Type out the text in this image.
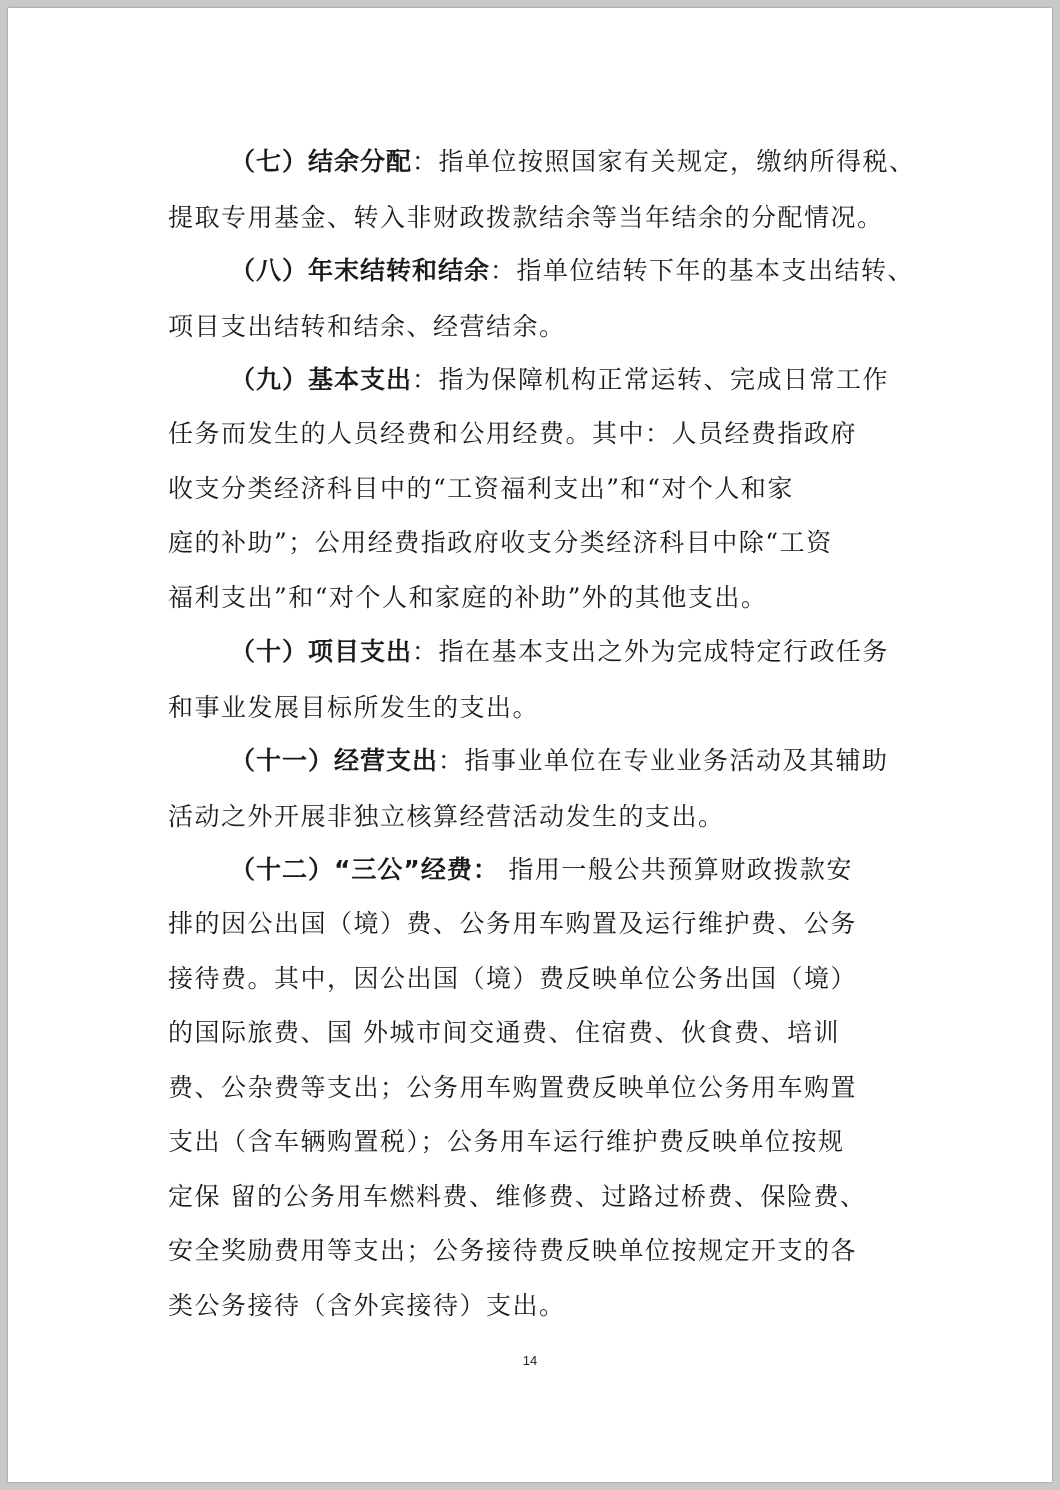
（七）结余分配：指单位按照国家有关规定，缴纳所得税、
提取专用基金、转入非财政拨款结余等当年结余的分配情况。
（八）年末结转和结余：指单位结转下年的基本支出结转、
项目支出结转和结余、经营结余。
（九）基本支出：指为保障机构正常运转、完成日常工作
任务而发生的人员经费和公用经费。其中：人员经费指政府
收支分类经济科目中的“工资福利支出”和“对个人和家
庭的补助”；公用经费指政府收支分类经济科目中除“工资
福利支出”和“对个人和家庭的补助”外的其他支出。
（十）项目支出：指在基本支出之外为完成特定行政任务
和事业发展目标所发生的支出。
（十一）经营支出：指事业单位在专业业务活动及其辅助
活动之外开展非独立核算经营活动发生的支出。
（十二）“三公”经费： 指用一般公共预算财政拨款安
排的因公出国（境）费、公务用车购置及运行维护费、公务
接待费。其中，因公出国（境）费反映单位公务出国（境）
的国际旅费、国 外城市间交通费、住宿费、伙食费、培训
费、公杂费等支出；公务用车购置费反映单位公务用车购置
支出（含车辆购置税）；公务用车运行维护费反映单位按规
定保 留的公务用车燃料费、维修费、过路过桥费、保险费、
安全奖励费用等支出；公务接待费反映单位按规定开支的各
类公务接待（含外宾接待）支出。
14
